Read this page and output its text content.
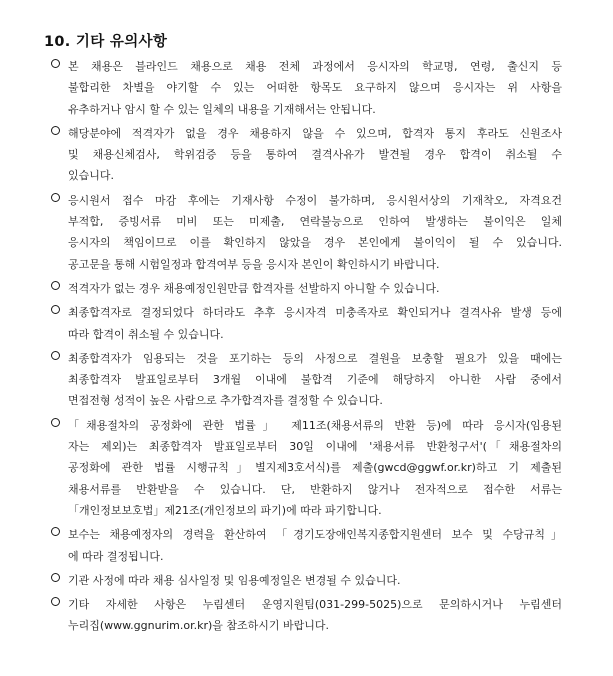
10. 기타 유의사항
본 채용은 블라인드 채용으로 채용 전체 과정에서 응시자의 학교명, 연령, 출신지 등
불합리한 차별을 야기할 수 있는 어떠한 항목도 요구하지 않으며 응시자는 위 사항을
유추하거나 암시 할 수 있는 일체의 내용을 기재해서는 안됩니다.
해당분야에 적격자가 없을 경우 채용하지 않을 수 있으며, 합격자 통지 후라도 신원조사
및 채용신체검사, 학위검증 등을 통하여 결격사유가 발견될 경우 합격이 취소될 수
있습니다.
응시원서 접수 마감 후에는 기재사항 수정이 불가하며, 응시원서상의 기재착오, 자격요건
부적합, 증빙서류 미비 또는 미제출, 연락불능으로 인하여 발생하는 불이익은 일체
응시자의 책임이므로 이를 확인하지 않았을 경우 본인에게 불이익이 될 수 있습니다.
공고문을 통해 시험일정과 합격여부 등을 응시자 본인이 확인하시기 바랍니다.
적격자가 없는 경우 채용예정인원만큼 합격자를 선발하지 아니할 수 있습니다.
최종합격자로 결정되었다 하더라도 추후 응시자격 미충족자로 확인되거나 결격사유 발생 등에
따라 합격이 취소될 수 있습니다.
최종합격자가 임용되는 것을 포기하는 등의 사정으로 결원을 보충할 필요가 있을 때에는
최종합격자 발표일로부터 3개월 이내에 불합격 기준에 해당하지 아니한 사람 중에서
면접전형 성적이 높은 사람으로 추가합격자를 결정할 수 있습니다.
「채용절차의 공정화에 관한 법률」 제11조(채용서류의 반환 등)에 따라 응시자(임용된
자는 제외)는 최종합격자 발표일로부터 30일 이내에 '채용서류 반환청구서'(「채용절차의
공정화에 관한 법률 시행규칙」별지제3호서식)를 제출(gwcd@ggwf.or.kr)하고 기 제출된
채용서류를 반환받을 수 있습니다. 단, 반환하지 않거나 전자적으로 접수한 서류는
「개인정보보호법」제21조(개인정보의 파기)에 따라 파기합니다.
보수는 채용예정자의 경력을 환산하여 「경기도장애인복지종합지원센터 보수 및 수당규칙」
에 따라 결정됩니다.
기관 사정에 따라 채용 심사일정 및 임용예정일은 변경될 수 있습니다.
기타 자세한 사항은 누림센터 운영지원팀(031-299-5025)으로 문의하시거나 누림센터
누리집(www.ggnurim.or.kr)을 참조하시기 바랍니다.
